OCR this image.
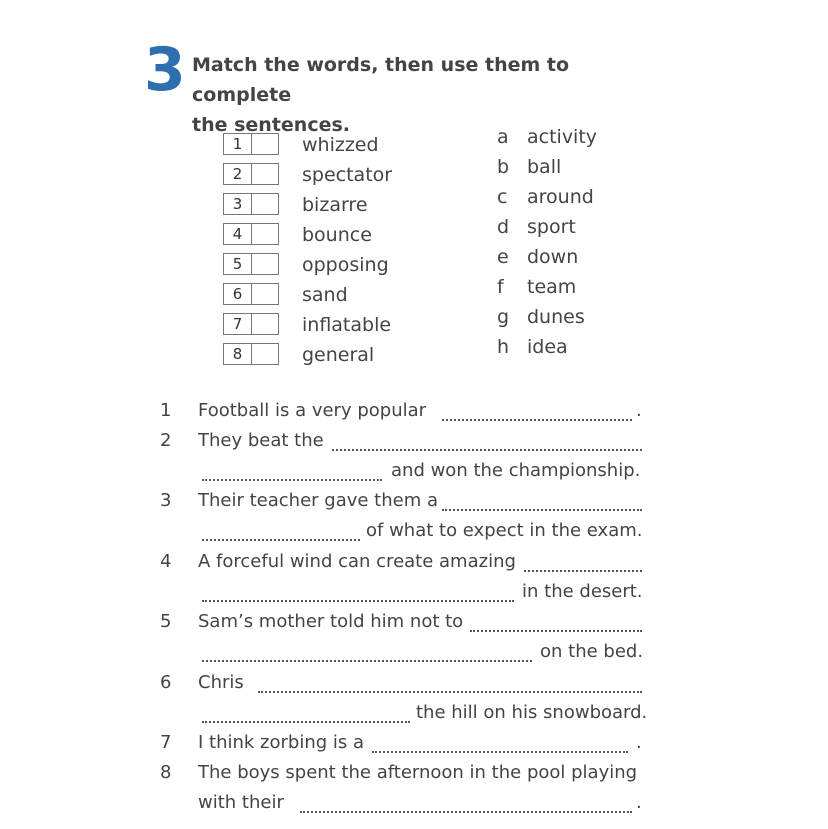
3 Match the words, then use them to complete
the sentences.
1	whizzed
2	spectator
3	bizarre
4	bounce
5	opposing
6	sand
7	inflatable
8	general
a activity
b ball
c	around
d sport
e down
f	team
g dunes
h idea
1	Football is a very popular	.
2	They beat the
and won the championship.
3	Their teacher gave them a
of what to expect in the exam.
4	A forceful wind can create amazing
in the desert.
5	Sam’s mother told him not to
on the bed.
6	Chris
the hill on his snowboard.
7	I think zorbing is a	.
8	The boys spent the afternoon in the pool playing
with their	.
